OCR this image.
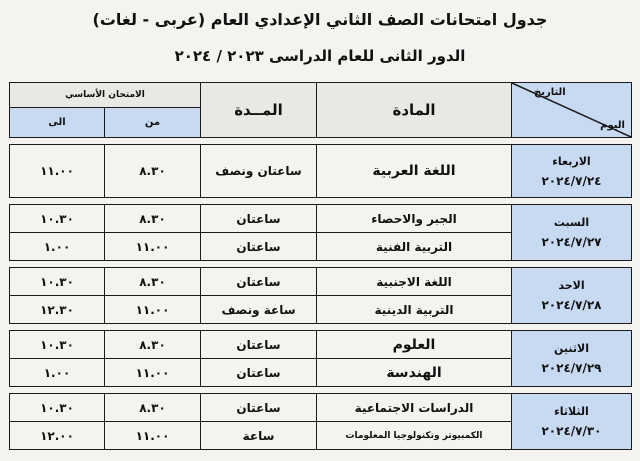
جدول امتحانات الصف الثاني الإعدادي العام (عربى - لغات)
الدور الثانى للعام الدراسى ٢٠٢٣ / ٢٠٢٤
التاريخ
اليوم	المادة	المــدة	الامتحان الأساسي	
			من	الى

الاربعاء
٢٠٢٤/٧/٢٤	اللغة العربية	ساعتان ونصف	٨.٣٠	١١.٠٠

السبت
٢٠٢٤/٧/٢٧	الجبر والاحصاء	ساعتان	٨.٣٠	١٠.٣٠
	التربية الفنية	ساعتان	١١.٠٠	١.٠٠

الاحد
٢٠٢٤/٧/٢٨	اللغة الاجنبية	ساعتان	٨.٣٠	١٠.٣٠
	التربية الدينية	ساعة ونصف	١١.٠٠	١٢.٣٠

الاثنين
٢٠٢٤/٧/٢٩	العلوم	ساعتان	٨.٣٠	١٠.٣٠
	الهندسة	ساعتان	١١.٠٠	١.٠٠

الثلاثاء
٢٠٢٤/٧/٣٠	الدراسات الاجتماعية	ساعتان	٨.٣٠	١٠.٣٠
	الكمبيوتر وتكنولوجيا المعلومات	ساعة	١١.٠٠	١٢.٠٠
